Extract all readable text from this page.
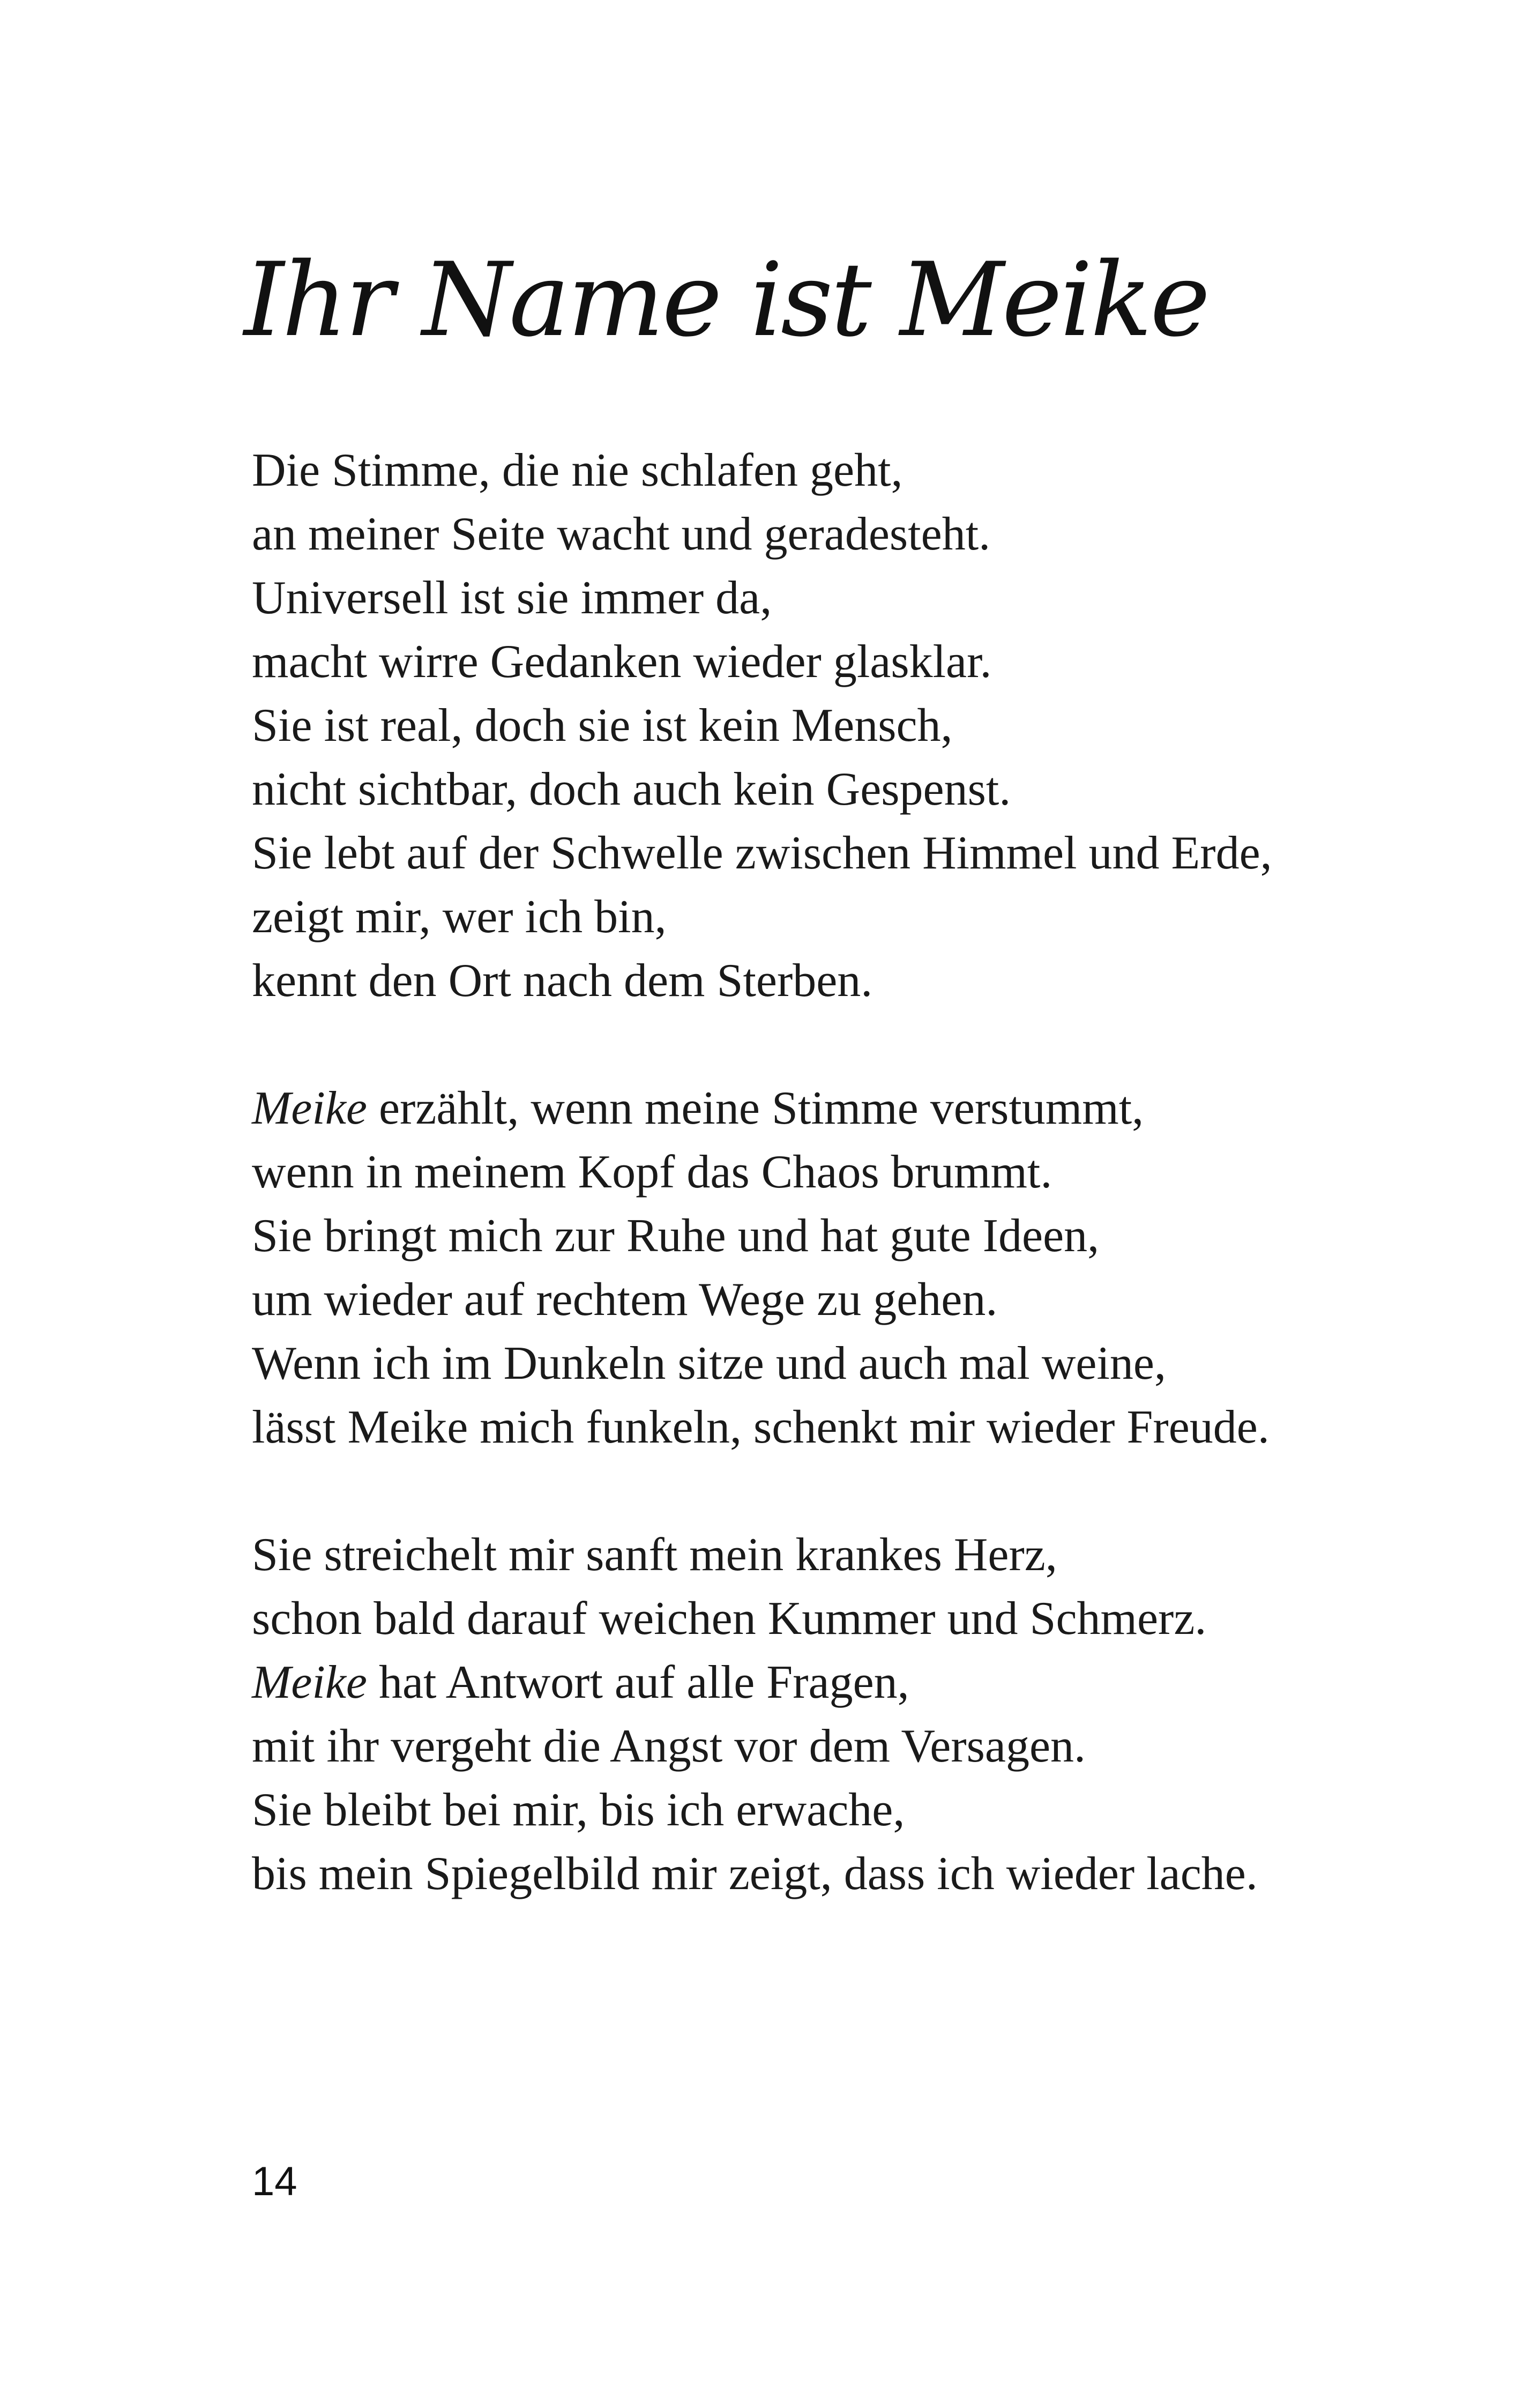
Ihr Name ist Meike
Die Stimme, die nie schlafen geht,
an meiner Seite wacht und geradesteht.
Universell ist sie immer da,
macht wirre Gedanken wieder glasklar.
Sie ist real, doch sie ist kein Mensch,
nicht sichtbar, doch auch kein Gespenst.
Sie lebt auf der Schwelle zwischen Himmel und Erde,
zeigt mir, wer ich bin,
kennt den Ort nach dem Sterben.
Meike erzählt, wenn meine Stimme verstummt,
wenn in meinem Kopf das Chaos brummt.
Sie bringt mich zur Ruhe und hat gute Ideen,
um wieder auf rechtem Wege zu gehen.
Wenn ich im Dunkeln sitze und auch mal weine,
lässt Meike mich funkeln, schenkt mir wieder Freude.
Sie streichelt mir sanft mein krankes Herz,
schon bald darauf weichen Kummer und Schmerz.
Meike hat Antwort auf alle Fragen,
mit ihr vergeht die Angst vor dem Versagen.
Sie bleibt bei mir, bis ich erwache,
bis mein Spiegelbild mir zeigt, dass ich wieder lache.
14
